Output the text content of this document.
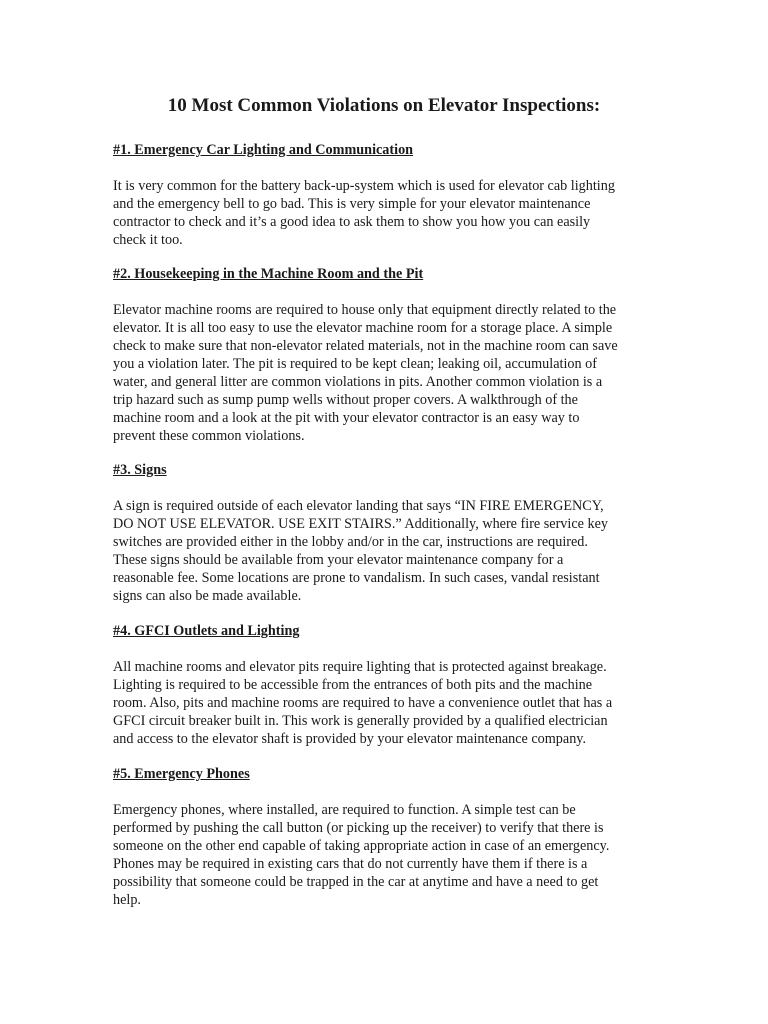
10 Most Common Violations on Elevator Inspections:
#1. Emergency Car Lighting and Communication
It is very common for the battery back-up-system which is used for elevator cab lighting
and the emergency bell to go bad. This is very simple for your elevator maintenance
contractor to check and it’s a good idea to ask them to show you how you can easily
check it too.
#2. Housekeeping in the Machine Room and the Pit
Elevator machine rooms are required to house only that equipment directly related to the
elevator. It is all too easy to use the elevator machine room for a storage place. A simple
check to make sure that non-elevator related materials, not in the machine room can save
you a violation later. The pit is required to be kept clean; leaking oil, accumulation of
water, and general litter are common violations in pits. Another common violation is a
trip hazard such as sump pump wells without proper covers. A walkthrough of the
machine room and a look at the pit with your elevator contractor is an easy way to
prevent these common violations.
#3. Signs
A sign is required outside of each elevator landing that says “IN FIRE EMERGENCY,
DO NOT USE ELEVATOR. USE EXIT STAIRS.” Additionally, where fire service key
switches are provided either in the lobby and/or in the car, instructions are required.
These signs should be available from your elevator maintenance company for a
reasonable fee. Some locations are prone to vandalism. In such cases, vandal resistant
signs can also be made available.
#4. GFCI Outlets and Lighting
All machine rooms and elevator pits require lighting that is protected against breakage.
Lighting is required to be accessible from the entrances of both pits and the machine
room. Also, pits and machine rooms are required to have a convenience outlet that has a
GFCI circuit breaker built in. This work is generally provided by a qualified electrician
and access to the elevator shaft is provided by your elevator maintenance company.
#5. Emergency Phones
Emergency phones, where installed, are required to function. A simple test can be
performed by pushing the call button (or picking up the receiver) to verify that there is
someone on the other end capable of taking appropriate action in case of an emergency.
Phones may be required in existing cars that do not currently have them if there is a
possibility that someone could be trapped in the car at anytime and have a need to get
help.
